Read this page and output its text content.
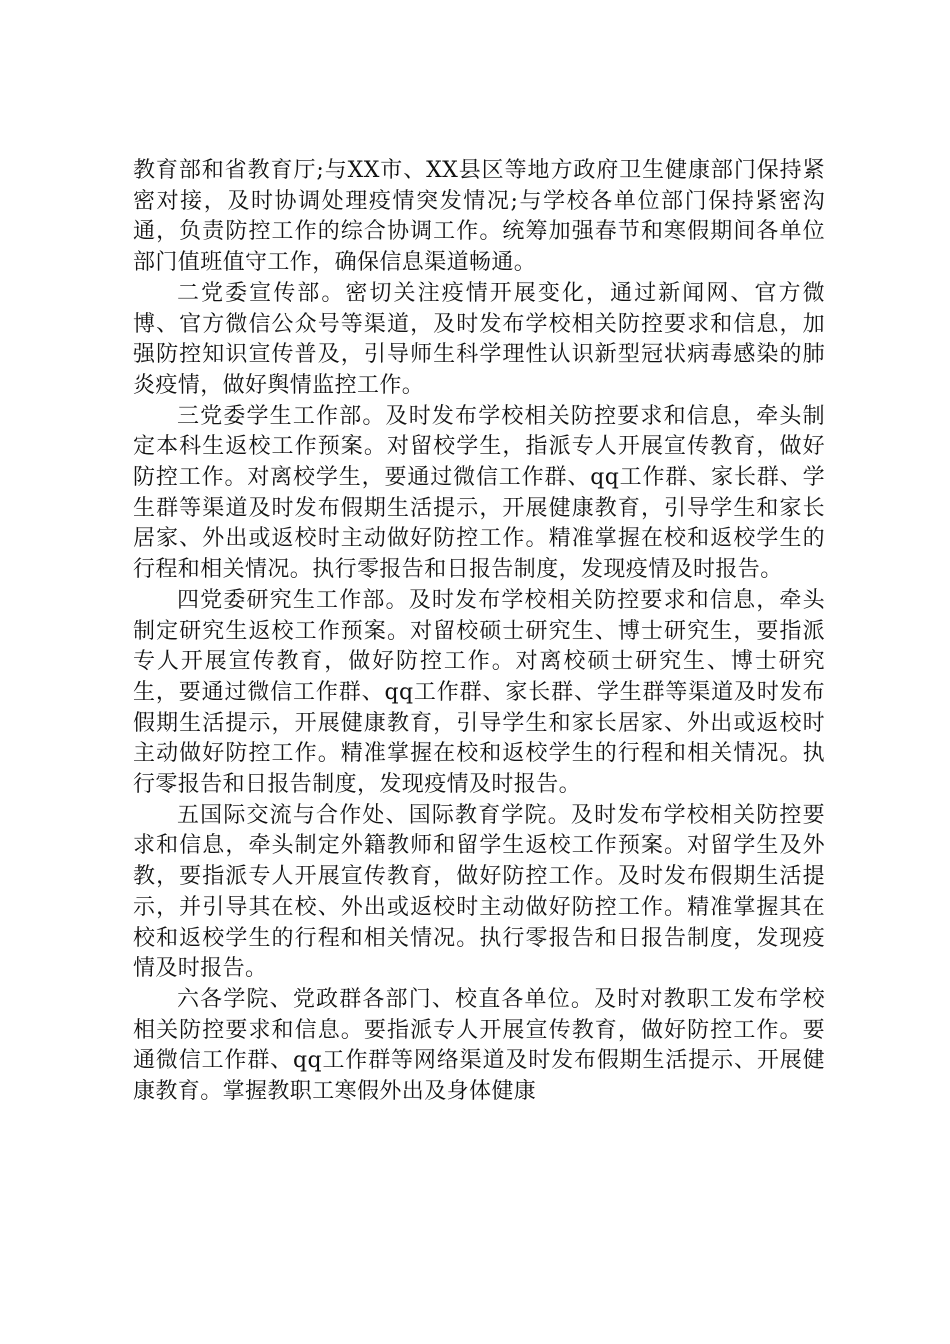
教育部和省教育厅;与XX市、XX县区等地方政府卫生健康部门保持紧密对接，及时协调处理疫情突发情况;与学校各单位部门保持紧密沟通，负责防控工作的综合协调工作。统筹加强春节和寒假期间各单位部门值班值守工作，确保信息渠道畅通。

二党委宣传部。密切关注疫情开展变化，通过新闻网、官方微博、官方微信公众号等渠道，及时发布学校相关防控要求和信息，加强防控知识宣传普及，引导师生科学理性认识新型冠状病毒感染的肺炎疫情，做好舆情监控工作。

三党委学生工作部。及时发布学校相关防控要求和信息，牵头制定本科生返校工作预案。对留校学生，指派专人开展宣传教育，做好防控工作。对离校学生，要通过微信工作群、qq工作群、家长群、学生群等渠道及时发布假期生活提示，开展健康教育，引导学生和家长居家、外出或返校时主动做好防控工作。精准掌握在校和返校学生的行程和相关情况。执行零报告和日报告制度，发现疫情及时报告。

四党委研究生工作部。及时发布学校相关防控要求和信息，牵头制定研究生返校工作预案。对留校硕士研究生、博士研究生，要指派专人开展宣传教育，做好防控工作。对离校硕士研究生、博士研究生，要通过微信工作群、qq工作群、家长群、学生群等渠道及时发布假期生活提示，开展健康教育，引导学生和家长居家、外出或返校时主动做好防控工作。精准掌握在校和返校学生的行程和相关情况。执行零报告和日报告制度，发现疫情及时报告。

五国际交流与合作处、国际教育学院。及时发布学校相关防控要求和信息，牵头制定外籍教师和留学生返校工作预案。对留学生及外教，要指派专人开展宣传教育，做好防控工作。及时发布假期生活提示，并引导其在校、外出或返校时主动做好防控工作。精准掌握其在校和返校学生的行程和相关情况。执行零报告和日报告制度，发现疫情及时报告。

六各学院、党政群各部门、校直各单位。及时对教职工发布学校相关防控要求和信息。要指派专人开展宣传教育，做好防控工作。要通微信工作群、qq工作群等网络渠道及时发布假期生活提示、开展健康教育。掌握教职工寒假外出及身体健康
